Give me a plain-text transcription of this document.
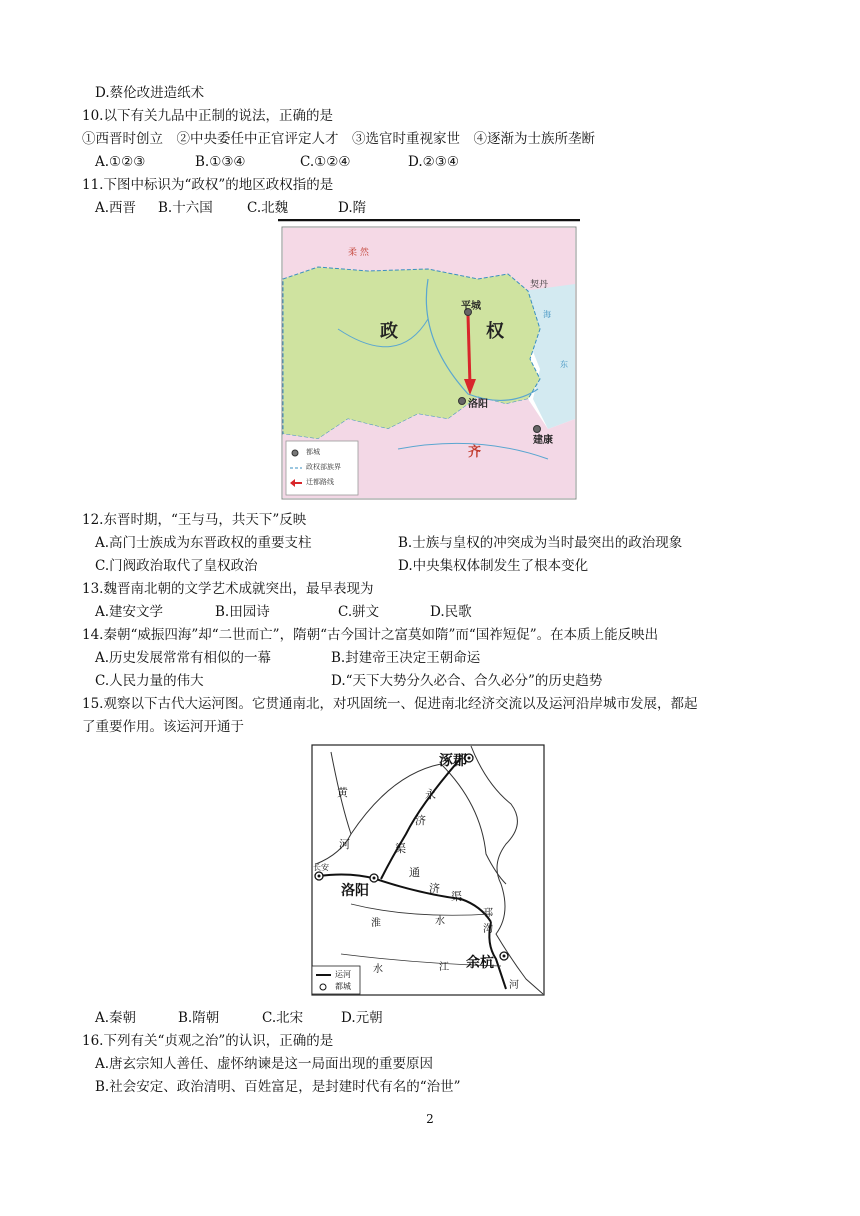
D.蔡伦改进造纸术
10.以下有关九品中正制的说法，正确的是
①西晋时创立　②中央委任中正官评定人才　③选官时重视家世　④逐渐为士族所垄断
A.①②③	B.①③④	C.①②④	D.②③④
11.下图中标识为“政权”的地区政权指的是
A.西晋 B.十六国	C.北魏	D.隋
柔 然
契丹
政	权
平城
洛阳
建康
齐
海
东
都城
政权部族界
迁都路线
12.东晋时期，“王与马，共天下”反映
A.高门士族成为东晋政权的重要支柱	B.士族与皇权的冲突成为当时最突出的政治现象
C.门阀政治取代了皇权政治	D.中央集权体制发生了根本变化
13.魏晋南北朝的文学艺术成就突出，最早表现为
A.建安文学	B.田园诗	C.骈文	D.民歌
14.秦朝“威振四海”却“二世而亡”，隋朝“古今国计之富莫如隋”而“国祚短促”。在本质上能反映出
A.历史发展常常有相似的一幕	B.封建帝王决定王朝命运
C.人民力量的伟大	D.“天下大势分久必合、合久必分”的历史趋势
15.观察以下古代大运河图。它贯通南北，对巩固统一、促进南北经济交流以及运河沿岸城市发展，都起
了重要作用。该运河开通于
涿郡
长安
洛阳
余杭
黄
河
永
济
渠
通
济
渠
淮	水
江
水
邗
沟
河
运河
都城
A.秦朝	B.隋朝	C.北宋	D.元朝
16.下列有关“贞观之治”的认识，正确的是
A.唐玄宗知人善任、虚怀纳谏是这一局面出现的重要原因
B.社会安定、政治清明、百姓富足，是封建时代有名的“治世”
2
